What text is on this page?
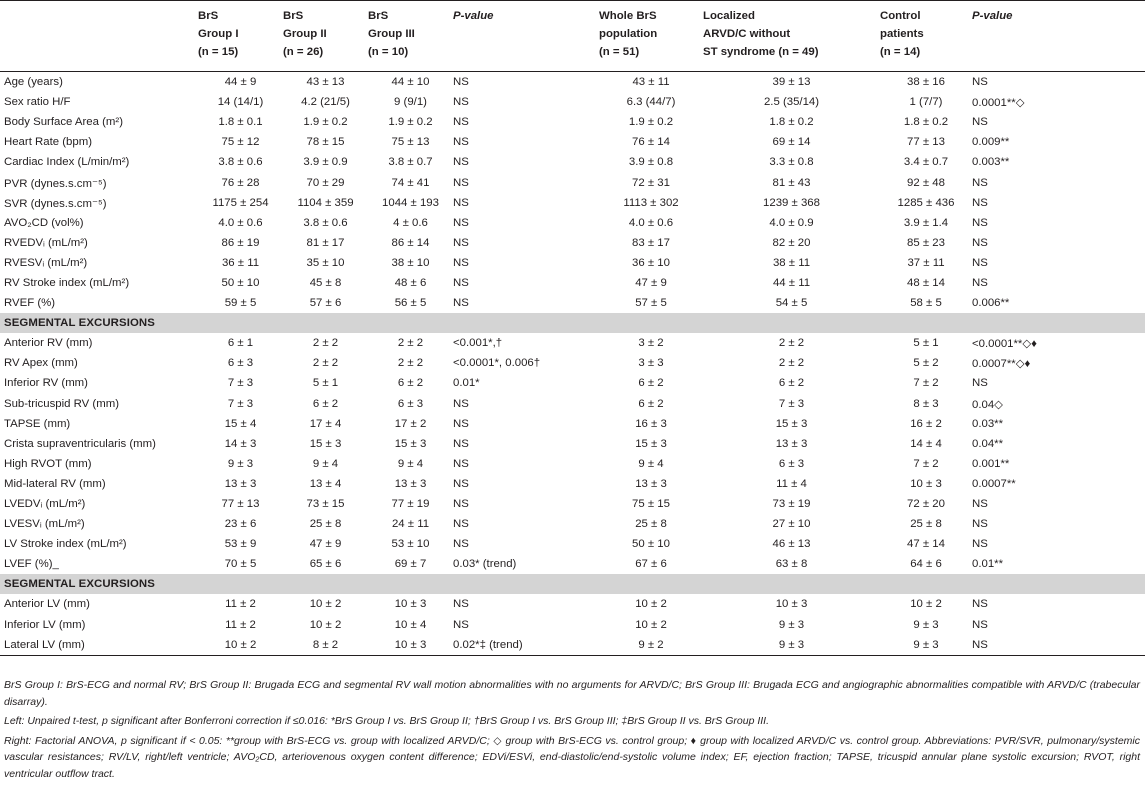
	BrS
Group I
(n = 15)	BrS
Group II
(n = 26)	BrS
Group III
(n = 10)	P-value	Whole BrS
population
(n = 51)	Localized
ARVD/C without
ST syndrome (n = 49)	Control
patients
(n = 14)	P-value

Age (years)	44 ± 9	43 ± 13	44 ± 10	NS	43 ± 11	39 ± 13	38 ± 16	NS
Sex ratio H/F	14 (14/1)	4.2 (21/5)	9 (9/1)	NS	6.3 (44/7)	2.5 (35/14)	1 (7/7)	0.0001**◇
Body Surface Area (m²)	1.8 ± 0.1	1.9 ± 0.2	1.9 ± 0.2	NS	1.9 ± 0.2	1.8 ± 0.2	1.8 ± 0.2	NS
Heart Rate (bpm)	75 ± 12	78 ± 15	75 ± 13	NS	76 ± 14	69 ± 14	77 ± 13	0.009**
Cardiac Index (L/min/m²)	3.8 ± 0.6	3.9 ± 0.9	3.8 ± 0.7	NS	3.9 ± 0.8	3.3 ± 0.8	3.4 ± 0.7	0.003**
PVR (dynes.s.cm⁻⁵)	76 ± 28	70 ± 29	74 ± 41	NS	72 ± 31	81 ± 43	92 ± 48	NS
SVR (dynes.s.cm⁻⁵)	1175 ± 254	1104 ± 359	1044 ± 193	NS	1113 ± 302	1239 ± 368	1285 ± 436	NS
AVO₂CD (vol%)	4.0 ± 0.6	3.8 ± 0.6	4 ± 0.6	NS	4.0 ± 0.6	4.0 ± 0.9	3.9 ± 1.4	NS
RVEDVᵢ (mL/m²)	86 ± 19	81 ± 17	86 ± 14	NS	83 ± 17	82 ± 20	85 ± 23	NS
RVESVᵢ (mL/m²)	36 ± 11	35 ± 10	38 ± 10	NS	36 ± 10	38 ± 11	37 ± 11	NS
RV Stroke index (mL/m²)	50 ± 10	45 ± 8	48 ± 6	NS	47 ± 9	44 ± 11	48 ± 14	NS
RVEF (%)	59 ± 5	57 ± 6	56 ± 5	NS	57 ± 5	54 ± 5	58 ± 5	0.006**
SEGMENTAL EXCURSIONS								
Anterior RV (mm)	6 ± 1	2 ± 2	2 ± 2	<0.001*,†	3 ± 2	2 ± 2	5 ± 1	<0.0001**◇♦
RV Apex (mm)	6 ± 3	2 ± 2	2 ± 2	<0.0001*, 0.006†	3 ± 3	2 ± 2	5 ± 2	0.0007**◇♦
Inferior RV (mm)	7 ± 3	5 ± 1	6 ± 2	0.01*	6 ± 2	6 ± 2	7 ± 2	NS
Sub-tricuspid RV (mm)	7 ± 3	6 ± 2	6 ± 3	NS	6 ± 2	7 ± 3	8 ± 3	0.04◇
TAPSE (mm)	15 ± 4	17 ± 4	17 ± 2	NS	16 ± 3	15 ± 3	16 ± 2	0.03**
Crista supraventricularis (mm)	14 ± 3	15 ± 3	15 ± 3	NS	15 ± 3	13 ± 3	14 ± 4	0.04**
High RVOT (mm)	9 ± 3	9 ± 4	9 ± 4	NS	9 ± 4	6 ± 3	7 ± 2	0.001**
Mid-lateral RV (mm)	13 ± 3	13 ± 4	13 ± 3	NS	13 ± 3	11 ± 4	10 ± 3	0.0007**
LVEDVᵢ (mL/m²)	77 ± 13	73 ± 15	77 ± 19	NS	75 ± 15	73 ± 19	72 ± 20	NS
LVESVᵢ (mL/m²)	23 ± 6	25 ± 8	24 ± 11	NS	25 ± 8	27 ± 10	25 ± 8	NS
LV Stroke index (mL/m²)	53 ± 9	47 ± 9	53 ± 10	NS	50 ± 10	46 ± 13	47 ± 14	NS
LVEF (%)_	70 ± 5	65 ± 6	69 ± 7	0.03* (trend)	67 ± 6	63 ± 8	64 ± 6	0.01**
SEGMENTAL EXCURSIONS								
Anterior LV (mm)	11 ± 2	10 ± 2	10 ± 3	NS	10 ± 2	10 ± 3	10 ± 2	NS
Inferior LV (mm)	11 ± 2	10 ± 2	10 ± 4	NS	10 ± 2	9 ± 3	9 ± 3	NS
Lateral LV (mm)	10 ± 2	8 ± 2	10 ± 3	0.02*‡ (trend)	9 ± 2	9 ± 3	9 ± 3	NS

BrS Group I: BrS-ECG and normal RV; BrS Group II: Brugada ECG and segmental RV wall motion abnormalities with no arguments for ARVD/C; BrS Group III: Brugada ECG and angiographic abnormalities compatible with ARVD/C (trabecular disarray).

Left: Unpaired t-test, p significant after Bonferroni correction if ≤0.016: *BrS Group I vs. BrS Group II; †BrS Group I vs. BrS Group III; ‡BrS Group II vs. BrS Group III.

Right: Factorial ANOVA, p significant if < 0.05: **group with BrS-ECG vs. group with localized ARVD/C; ◇ group with BrS-ECG vs. control group; ♦ group with localized ARVD/C vs. control group. Abbreviations: PVR/SVR, pulmonary/systemic vascular resistances; RV/LV, right/left ventricle; AVO₂CD, arteriovenous oxygen content difference; EDVi/ESVi, end-diastolic/end-systolic volume index; EF, ejection fraction; TAPSE, tricuspid annular plane systolic excursion; RVOT, right ventricular outflow tract.
